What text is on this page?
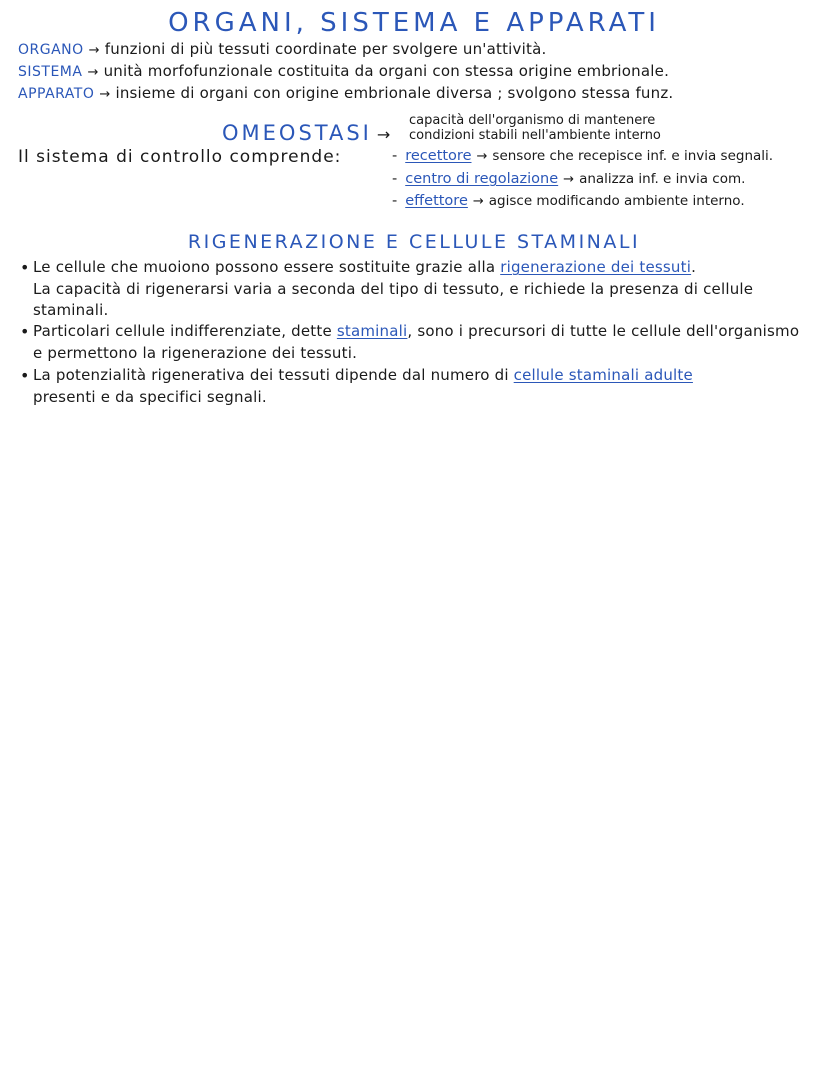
ORGANI, SISTEMA E APPARATI
ORGANO → funzioni di più tessuti coordinate per svolgere un'attività.
SISTEMA → unità morfofunzionale costituita da organi con stessa origine embrionale.
APPARATO → insieme di organi con origine embrionale diversa ; svolgono stessa funz.
OMEOSTASI →
capacità dell'organismo di mantenere
condizioni stabili nell'ambiente interno
Il sistema di controllo comprende:	- recettore → sensore che recepisce inf. e invia segnali.
- centro di regolazione → analizza inf. e invia com.
- effettore → agisce modificando ambiente interno.
RIGENERAZIONE E CELLULE STAMINALI
• Le cellule che muoiono possono essere sostituite grazie alla rigenerazione dei tessuti.
La capacità di rigenerarsi varia a seconda del tipo di tessuto, e richiede la presenza di cellule
staminali.
• Particolari cellule indifferenziate, dette staminali, sono i precursori di tutte le cellule dell'organismo
e permettono la rigenerazione dei tessuti.
• La potenzialità rigenerativa dei tessuti dipende dal numero di cellule staminali adulte
presenti e da specifici segnali.
